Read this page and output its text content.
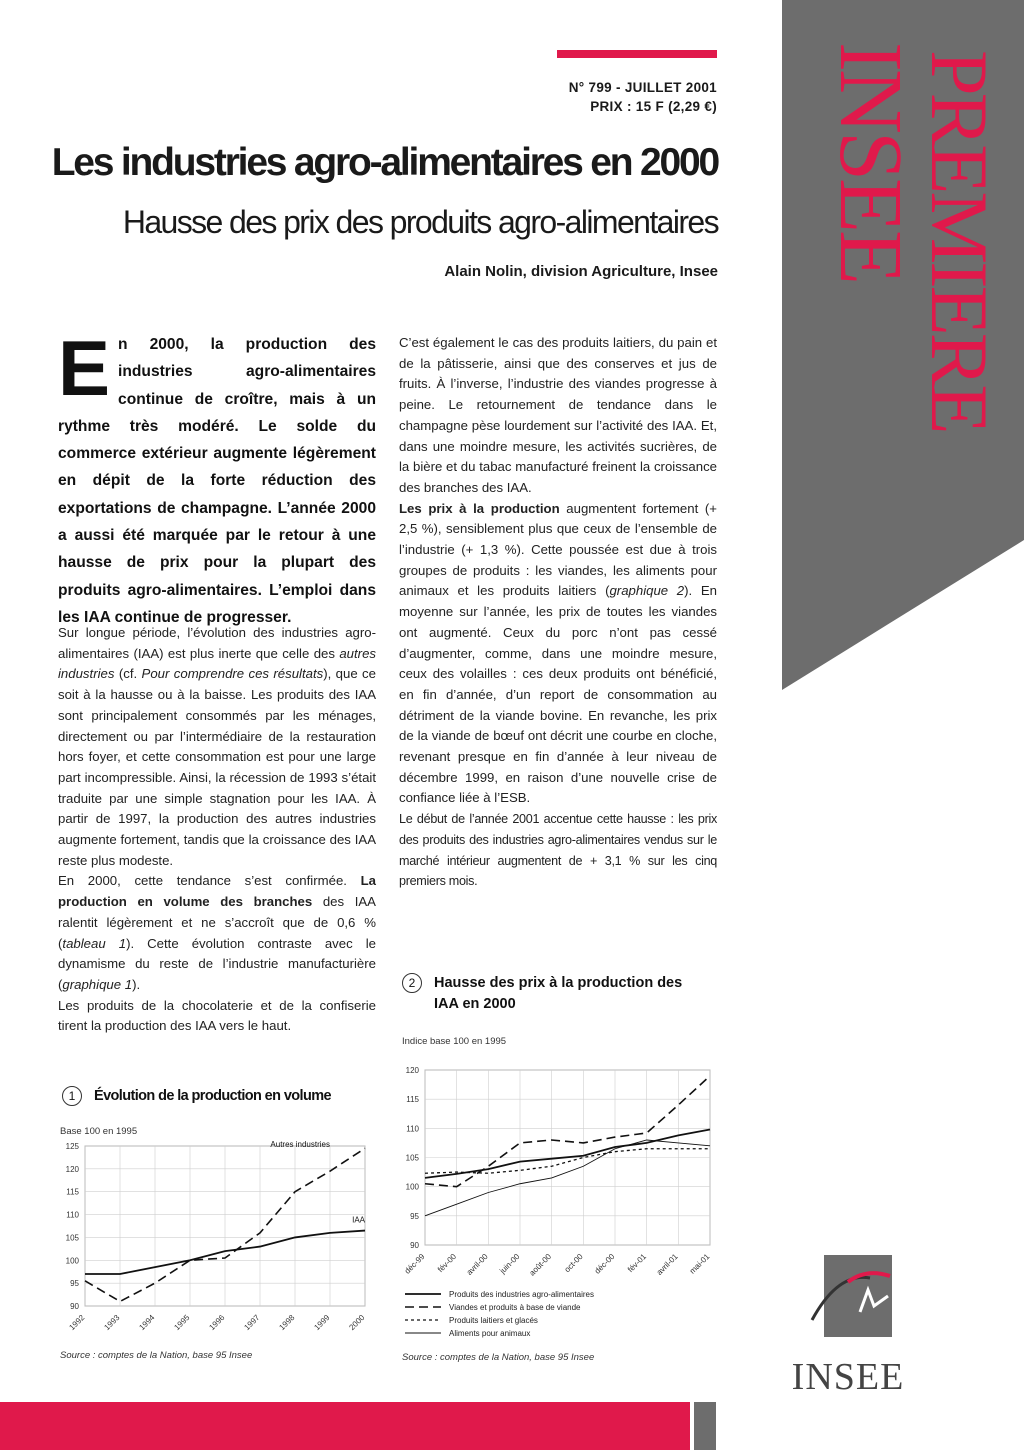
N° 799 - JUILLET 2001
PRIX : 15 F (2,29 €)
Les industries agro-alimentaires en 2000
Hausse des prix des produits agro-alimentaires
Alain Nolin, division Agriculture, Insee INSEE
PREMIERE
INSEE
En 2000, la production des industries agro-alimentaires continue de croître, mais à un rythme très modéré. Le solde du commerce extérieur augmente légèrement en dépit de la forte réduction des exportations de champagne. L’année 2000 a aussi été marquée par le retour à une hausse de prix pour la plupart des produits agro-alimentaires. L’emploi dans les IAA continue de progresser.

Sur longue période, l’évolution des industries agro-alimentaires (IAA) est plus inerte que celle des autres industries (cf. Pour comprendre ces résultats), que ce soit à la hausse ou à la baisse. Les produits des IAA sont principalement consommés par les ménages, directement ou par l’intermédiaire de la restauration hors foyer, et cette consommation est pour une large part incompressible. Ainsi, la récession de 1993 s’était traduite par une simple stagnation pour les IAA. À partir de 1997, la production des autres industries augmente fortement, tandis que la croissance des IAA reste plus modeste.

En 2000, cette tendance s’est confirmée. La production en volume des branches des IAA ralentit légèrement et ne s’accroît que de 0,6 % (tableau 1). Cette évolution contraste avec le dynamisme du reste de l’industrie manufacturière (graphique 1).

Les produits de la chocolaterie et de la confiserie tirent la production des IAA vers le haut.

C’est également le cas des produits laitiers, du pain et de la pâtisserie, ainsi que des conserves et jus de fruits. À l’inverse, l’industrie des viandes progresse à peine. Le retournement de tendance dans le champagne pèse lourdement sur l’activité des IAA. Et, dans une moindre mesure, les activités sucrières, de la bière et du tabac manufacturé freinent la croissance des branches des IAA.

Les prix à la production augmentent fortement (+ 2,5 %), sensiblement plus que ceux de l’ensemble de l’industrie (+ 1,3 %). Cette poussée est due à trois groupes de produits : les viandes, les aliments pour animaux et les produits laitiers (graphique 2). En moyenne sur l’année, les prix de toutes les viandes ont augmenté. Ceux du porc n’ont pas cessé d’augmenter, comme, dans une moindre mesure, ceux des volailles : ces deux produits ont bénéficié, en fin d’année, d’un report de consommation au détriment de la viande bovine. En revanche, les prix de la viande de bœuf ont décrit une courbe en cloche, revenant presque en fin d’année à leur niveau de décembre 1999, en raison d’une nouvelle crise de confiance liée à l’ESB.

Le début de l’année 2001 accentue cette hausse : les prix des produits des industries agro-alimentaires vendus sur le marché intérieur augmentent de + 3,1 % sur les cinq premiers mois.

1 Évolution de la production en volume
Base 100 en 1995
90
95
100
105
110
115
120
125
1992 1993 1994 1995 1996 1997 1998 1999 2000
Autres industries
IAA
Source : comptes de la Nation, base 95 Insee
2 Hausse des prix à la production des IAA en 2000
Indice base 100 en 1995
90
95
100
105
110
115
120
déc-99 fév-00 avril-00 juin-00 août-00 oct-00 déc-00 fév-01 avril-01 mai-01
Produits des industries agro-alimentaires
Viandes et produits à base de viande
Produits laitiers et glacés
Aliments pour animaux
Source : comptes de la Nation, base 95 Insee
